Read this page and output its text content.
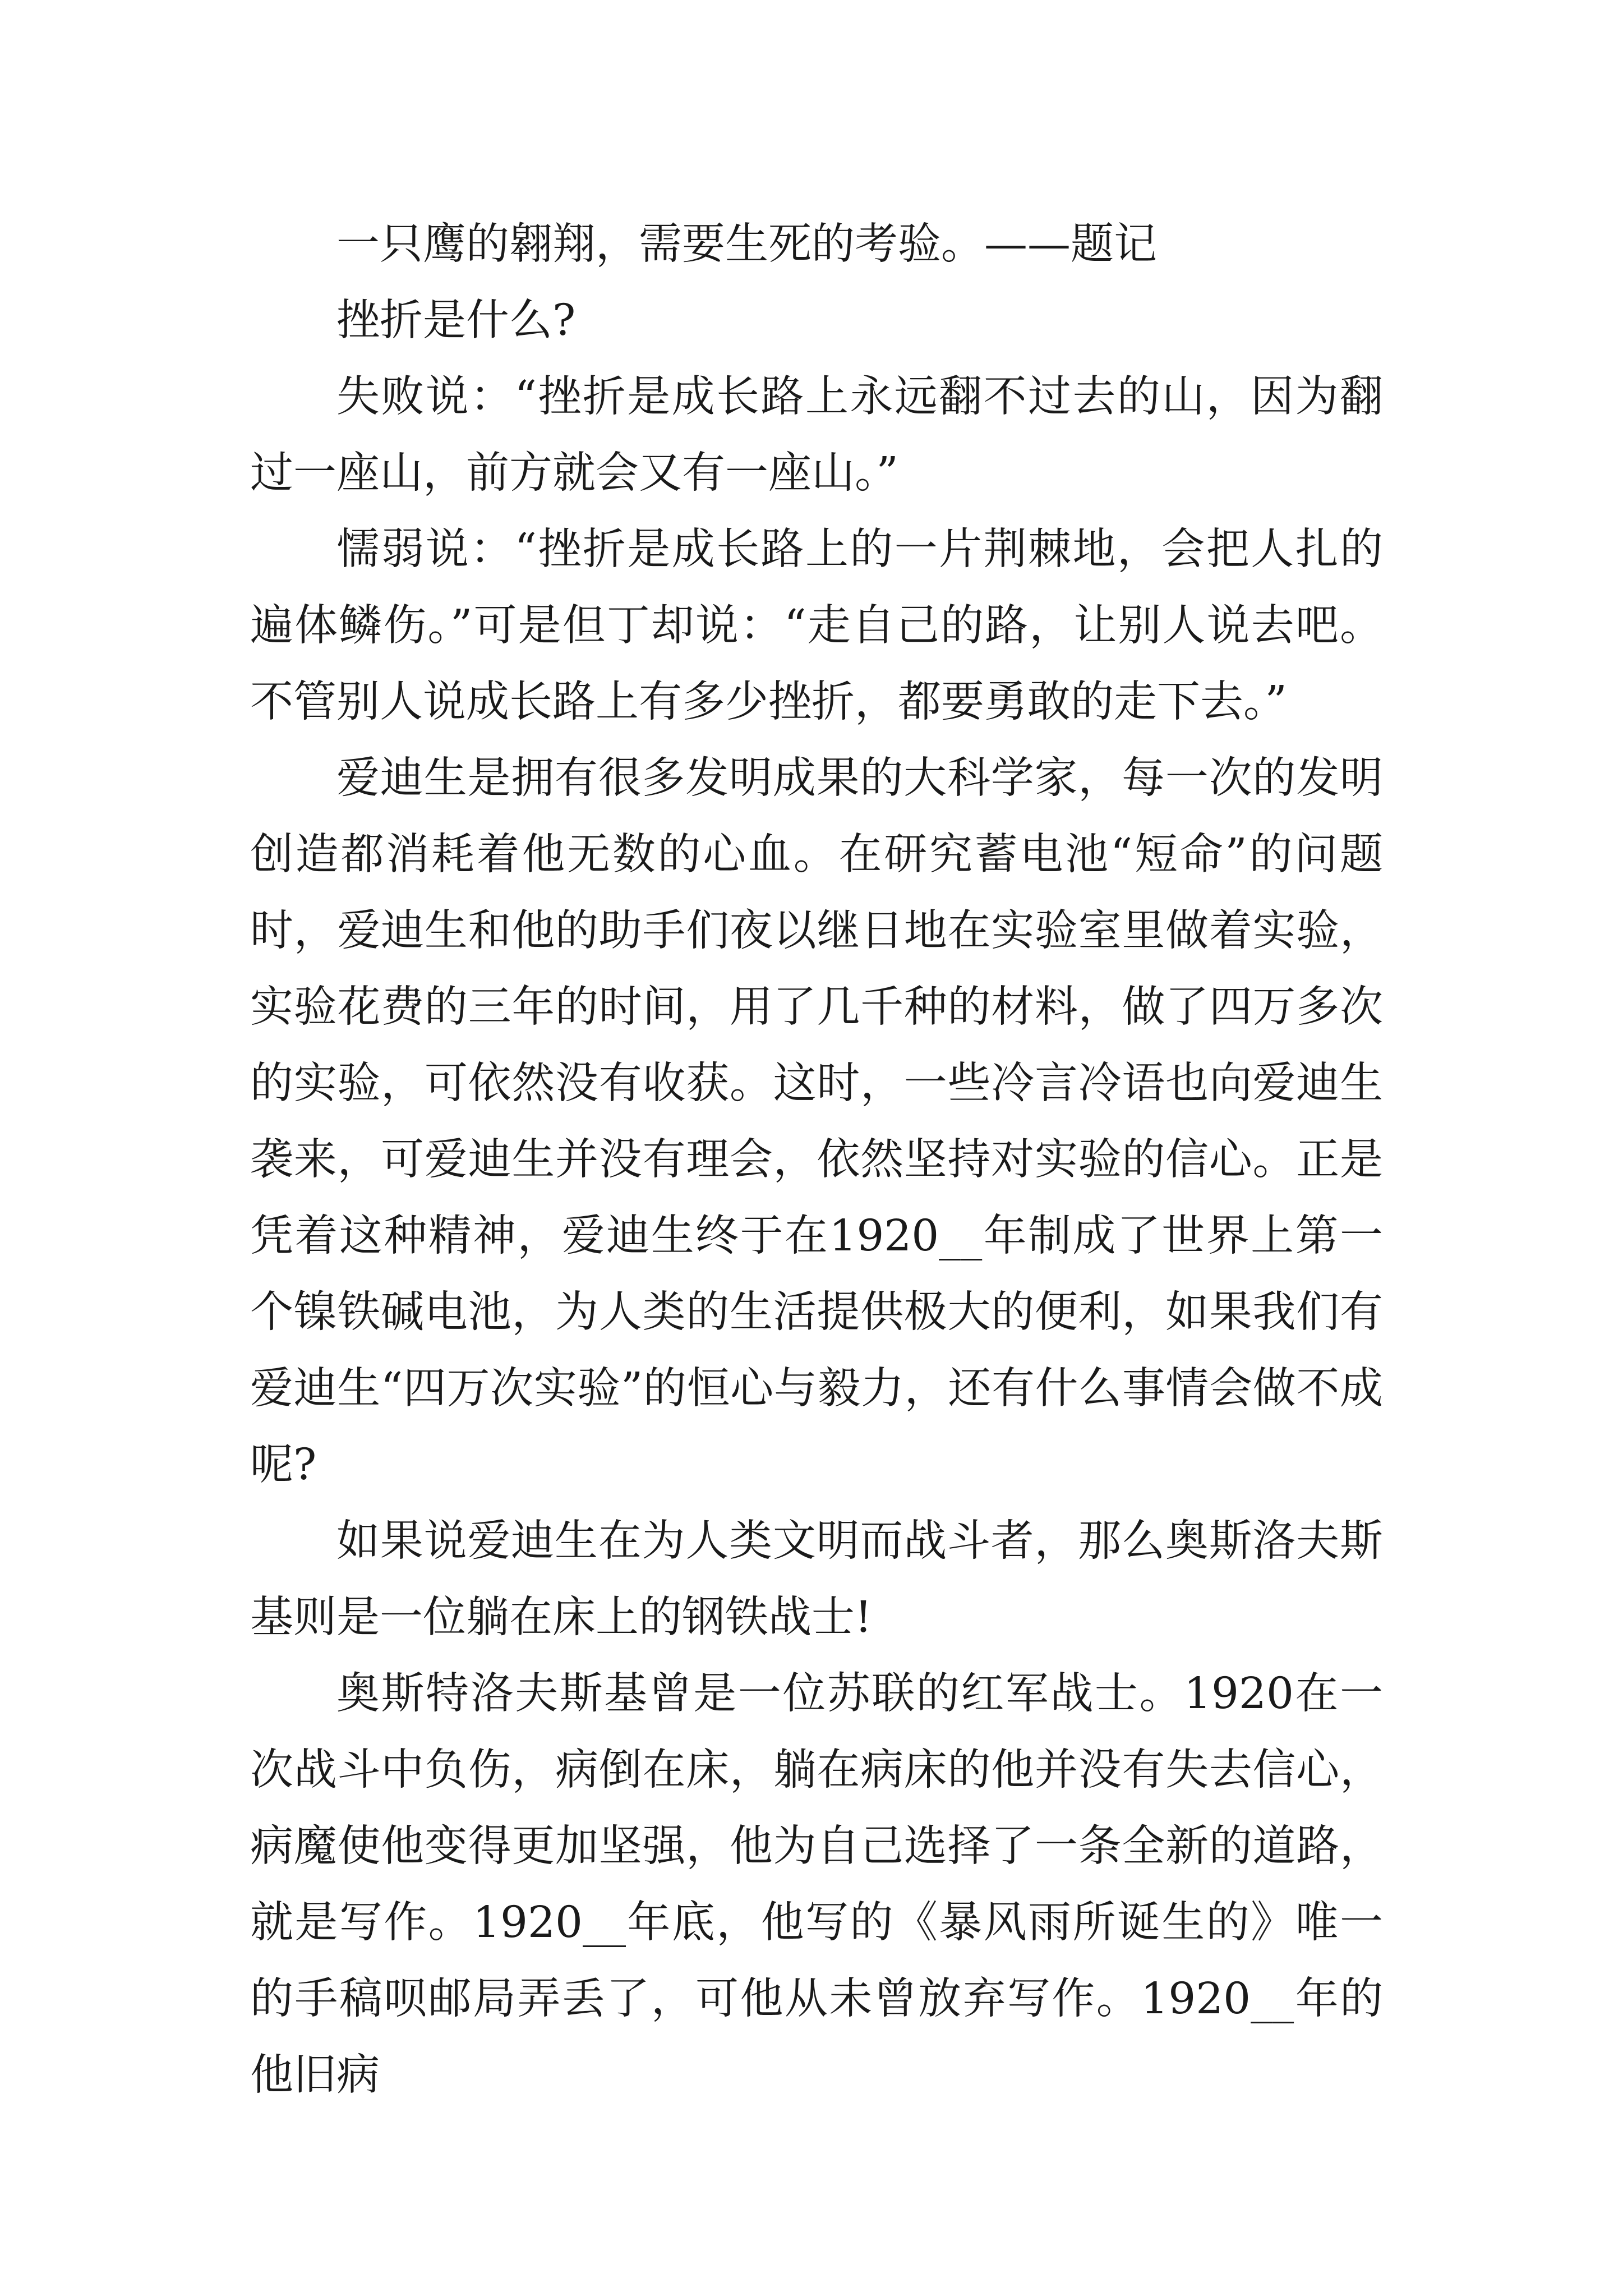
一只鹰的翱翔，需要生死的考验。——题记

挫折是什么?

失败说：“挫折是成长路上永远翻不过去的山，因为翻过一座山，前方就会又有一座山。”

懦弱说：“挫折是成长路上的一片荆棘地，会把人扎的遍体鳞伤。”可是但丁却说：“走自己的路，让别人说去吧。不管别人说成长路上有多少挫折，都要勇敢的走下去。”

爱迪生是拥有很多发明成果的大科学家，每一次的发明创造都消耗着他无数的心血。在研究蓄电池“短命”的问题时，爱迪生和他的助手们夜以继日地在实验室里做着实验，实验花费的三年的时间，用了几千种的材料，做了四万多次的实验，可依然没有收获。这时，一些冷言冷语也向爱迪生袭来，可爱迪生并没有理会，依然坚持对实验的信心。正是凭着这种精神，爱迪生终于在1920__年制成了世界上第一个镍铁碱电池，为人类的生活提供极大的便利，如果我们有爱迪生“四万次实验”的恒心与毅力，还有什么事情会做不成呢?

如果说爱迪生在为人类文明而战斗者，那么奥斯洛夫斯基则是一位躺在床上的钢铁战士!

奥斯特洛夫斯基曾是一位苏联的红军战士。1920在一次战斗中负伤，病倒在床，躺在病床的他并没有失去信心，病魔使他变得更加坚强，他为自己选择了一条全新的道路，就是写作。1920__年底，他写的《暴风雨所诞生的》唯一的手稿呗邮局弄丢了，可他从未曾放弃写作。1920__年的他旧病
